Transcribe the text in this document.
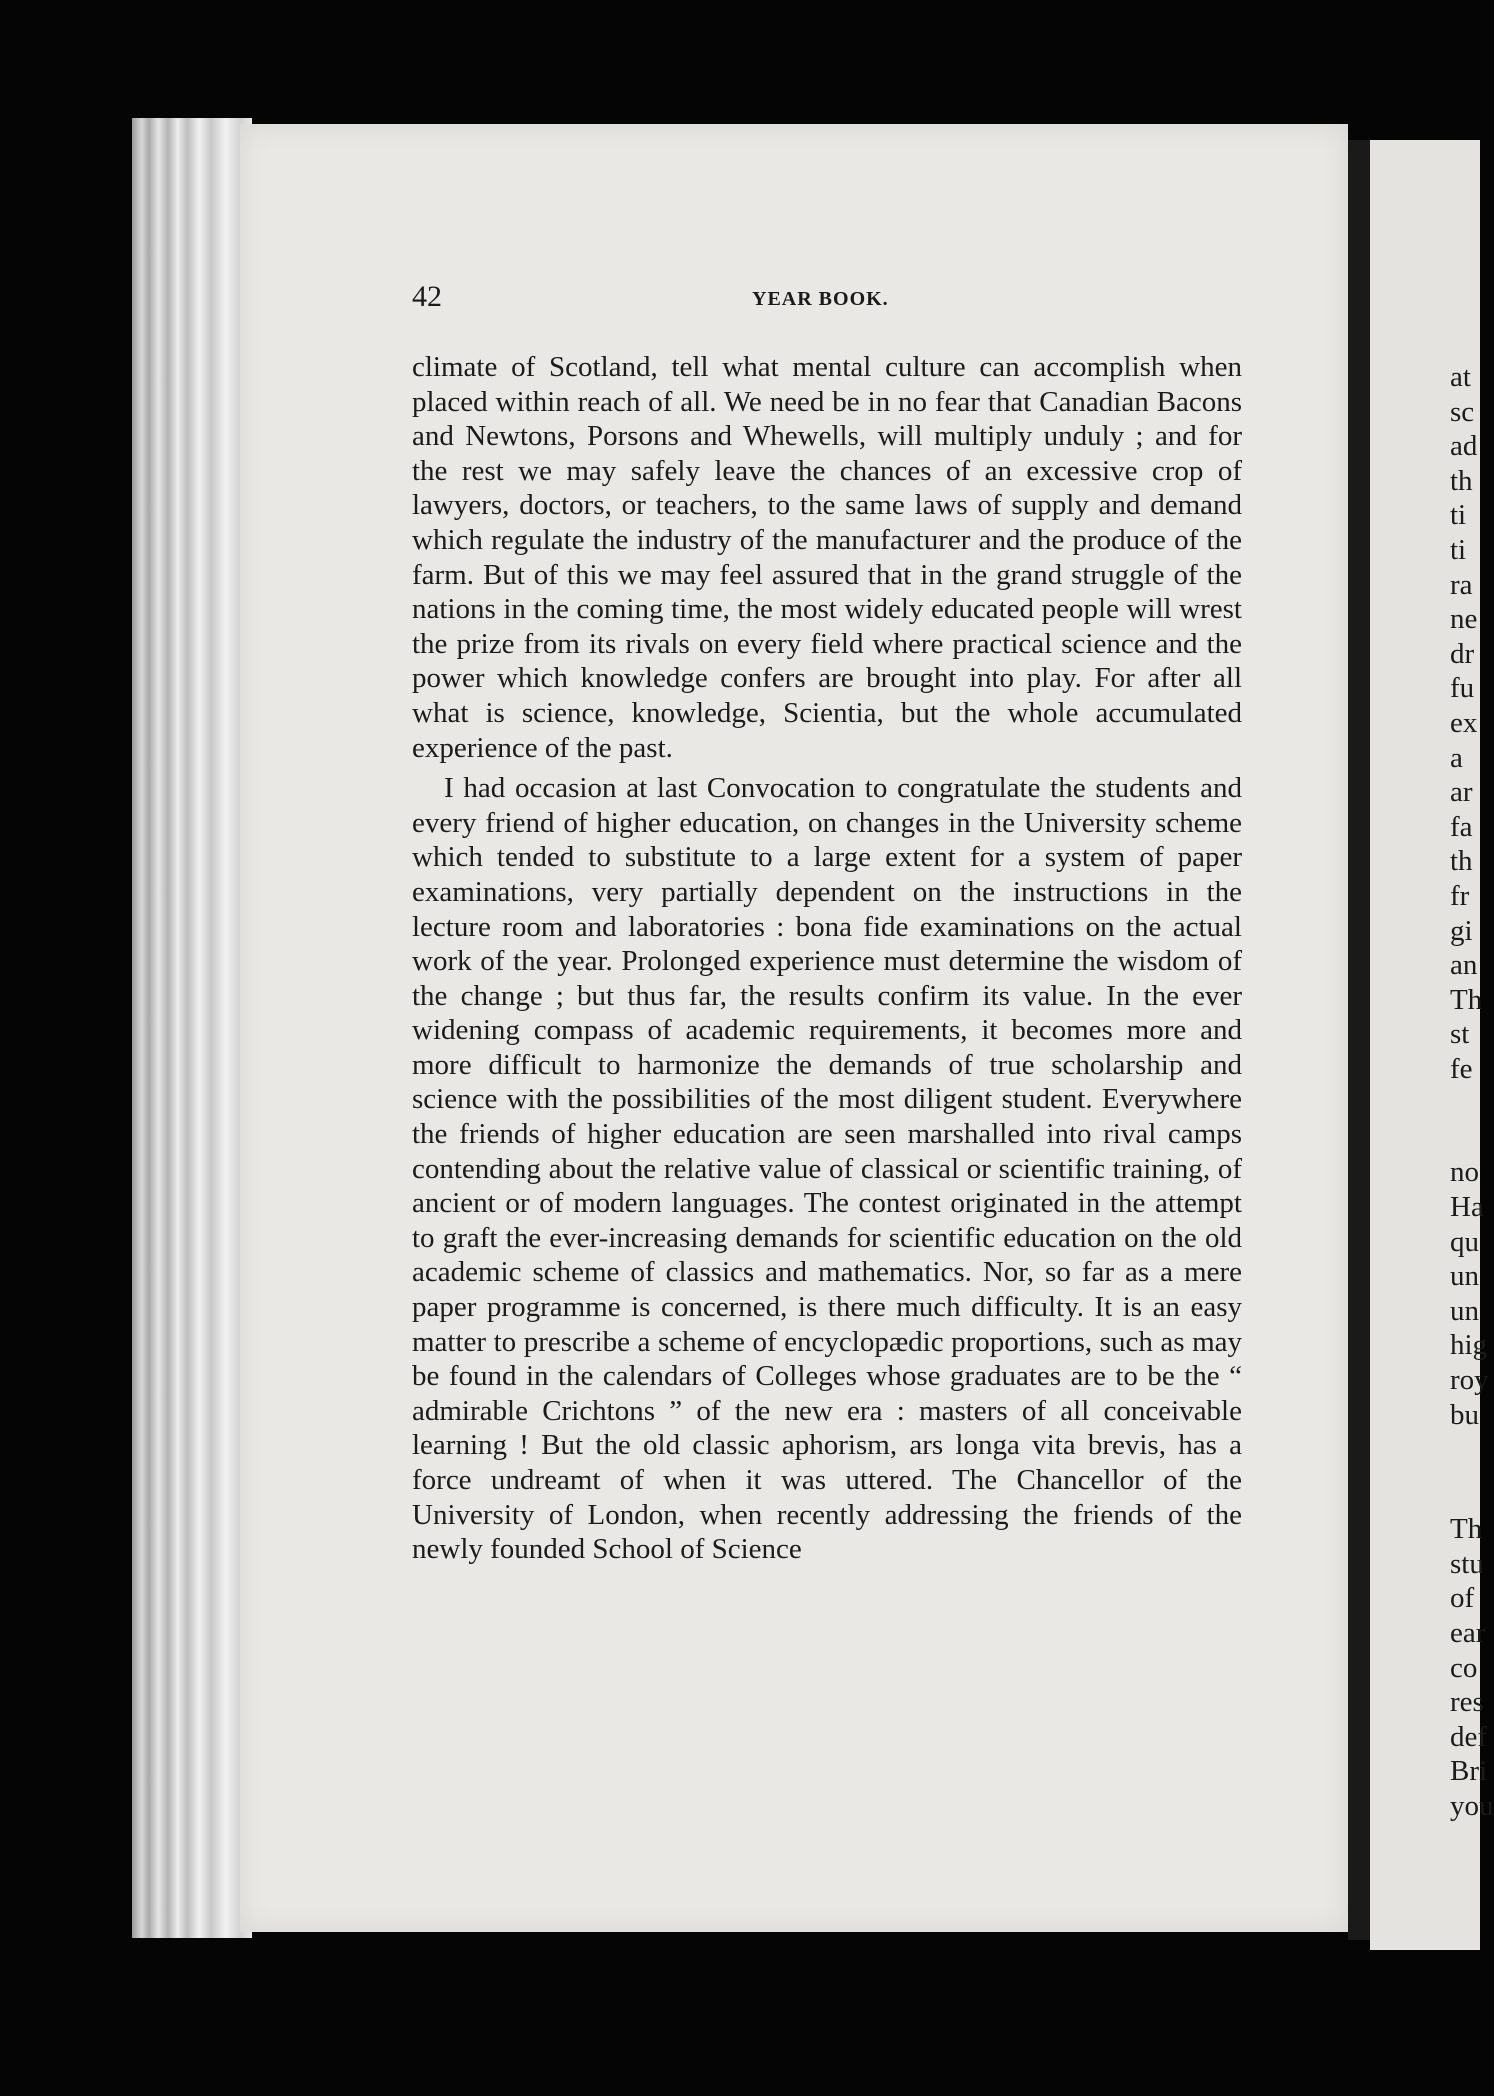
42	YEAR BOOK.

climate of Scotland, tell what mental culture can accomplish when placed within reach of all. We need be in no fear that Canadian Bacons and Newtons, Porsons and Whewells, will multiply unduly ; and for the rest we may safely leave the chances of an excessive crop of lawyers, doctors, or teachers, to the same laws of supply and demand which regulate the industry of the manufacturer and the produce of the farm. But of this we may feel assured that in the grand struggle of the nations in the coming time, the most widely educated people will wrest the prize from its rivals on every field where practical science and the power which knowledge confers are brought into play. For after all what is science, knowledge, Scientia, but the whole accumulated experience of the past.

I had occasion at last Convocation to congratulate the students and every friend of higher education, on changes in the University scheme which tended to substitute to a large extent for a system of paper examinations, very partially dependent on the instructions in the lecture room and laboratories : bona fide examinations on the actual work of the year. Prolonged experience must determine the wisdom of the change ; but thus far, the results confirm its value. In the ever widening compass of academic requirements, it becomes more and more difficult to harmonize the demands of true scholarship and science with the possibilities of the most diligent student. Everywhere the friends of higher education are seen marshalled into rival camps contending about the relative value of classical or scientific training, of ancient or of modern languages. The contest originated in the attempt to graft the ever-increasing demands for scientific education on the old academic scheme of classics and mathematics. Nor, so far as a mere paper programme is concerned, is there much difficulty. It is an easy matter to prescribe a scheme of encyclopædic proportions, such as may be found in the calendars of Colleges whose graduates are to be the “ admirable Crichtons ” of the new era : masters of all conceivable learning ! But the old classic aphorism, ars longa vita brevis, has a force undreamt of when it was uttered. The Chancellor of the University of London, when recently addressing the friends of the newly founded School of Science

at
sc
ad
th
ti
ti
ra
ne
dr
fu
ex
a
ar
fa
th
fr
gi
an
Th
st
fe
no
Ha
qu
un
un
hig
roy
bu
Th
stu
of
ear
co
res
def
Bri
you
